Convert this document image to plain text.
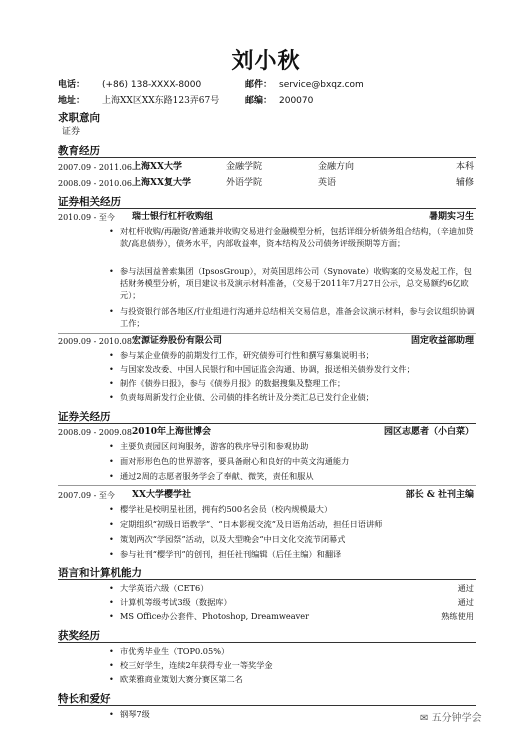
刘小秋
电话： (+86) 138-XXXX-8000	邮件： service@bxqz.com
地址： 上海XX区XX东路123弄67号	邮编： 200070
求职意向
证券
教育经历
2007.09 - 2011.06 上海XX大学	金融学院	金融方向	本科
2008.09 - 2010.06 上海XX复大学	外语学院	英语	辅修
证券相关经历
2010.09 - 至今 瑞士银行杠杆收购组	暑期实习生
• 对杠杆收购/再融资/普通兼并收购交易进行金融模型分析，包括详细分析债务组合结构，（辛迪加贷款/高息债券），债务水平，内部收益率，资本结构及公司债务评级预期等方面；
• 参与法国益普索集团（IpsosGroup），对英国思纬公司（Synovate）收购案的交易发起工作，包括财务模型分析，项目建议书及演示材料准备，（交易于2011年7月27日公示，总交易额约6亿欧元）；
• 与投资银行部各地区/行业组进行沟通并总结相关交易信息，准备会议演示材料，参与会议组织协调工作；
2009.09 - 2010.08 宏源证券股份有限公司	固定收益部助理
• 参与某企业债券的前期发行工作，研究债券可行性和撰写募集说明书；
• 与国家发改委、中国人民银行和中国证监会沟通、协调，报送相关债券发行文件；
• 制作《债券日报》，参与《债券月报》的数据搜集及整理工作；
• 负责每周新发行企业债、公司债的排名统计及分类汇总已发行企业债；
证券关经历
2008.09 - 2009.08 2010年上海世博会	园区志愿者（小白菜）
• 主要负责园区问询服务，游客的秩序导引和参观协助
• 面对形形色色的世界游客，要具备耐心和良好的中英文沟通能力
• 通过2周的志愿者服务学会了奉献、微笑，责任和服从
2007.09 - 至今 XX大学樱学社	部长 & 社刊主编
• 樱学社是校明星社团，拥有约500名会员（校内规模最大）
• 定期组织“初级日语教学”、“日本影视交流”及日语角活动，担任日语讲师
• 策划两次“学园祭”活动，以及大型晚会“中日文化交流节闭幕式
• 参与社刊“樱学刊”的创刊，担任社刊编辑（后任主编）和翻译
语言和计算机能力
• 大学英语六级（CET6）	通过
• 计算机等级考试3级（数据库）	通过
• MS Office办公套件、Photoshop, Dreamweaver	熟练使用
获奖经历
• 市优秀毕业生（TOP0.05%）
• 校三好学生，连续2年获得专业一等奖学金
• 欧莱雅商业策划大赛分赛区第二名
特长和爱好
• 钢琴7级	✉ 五分钟学会
